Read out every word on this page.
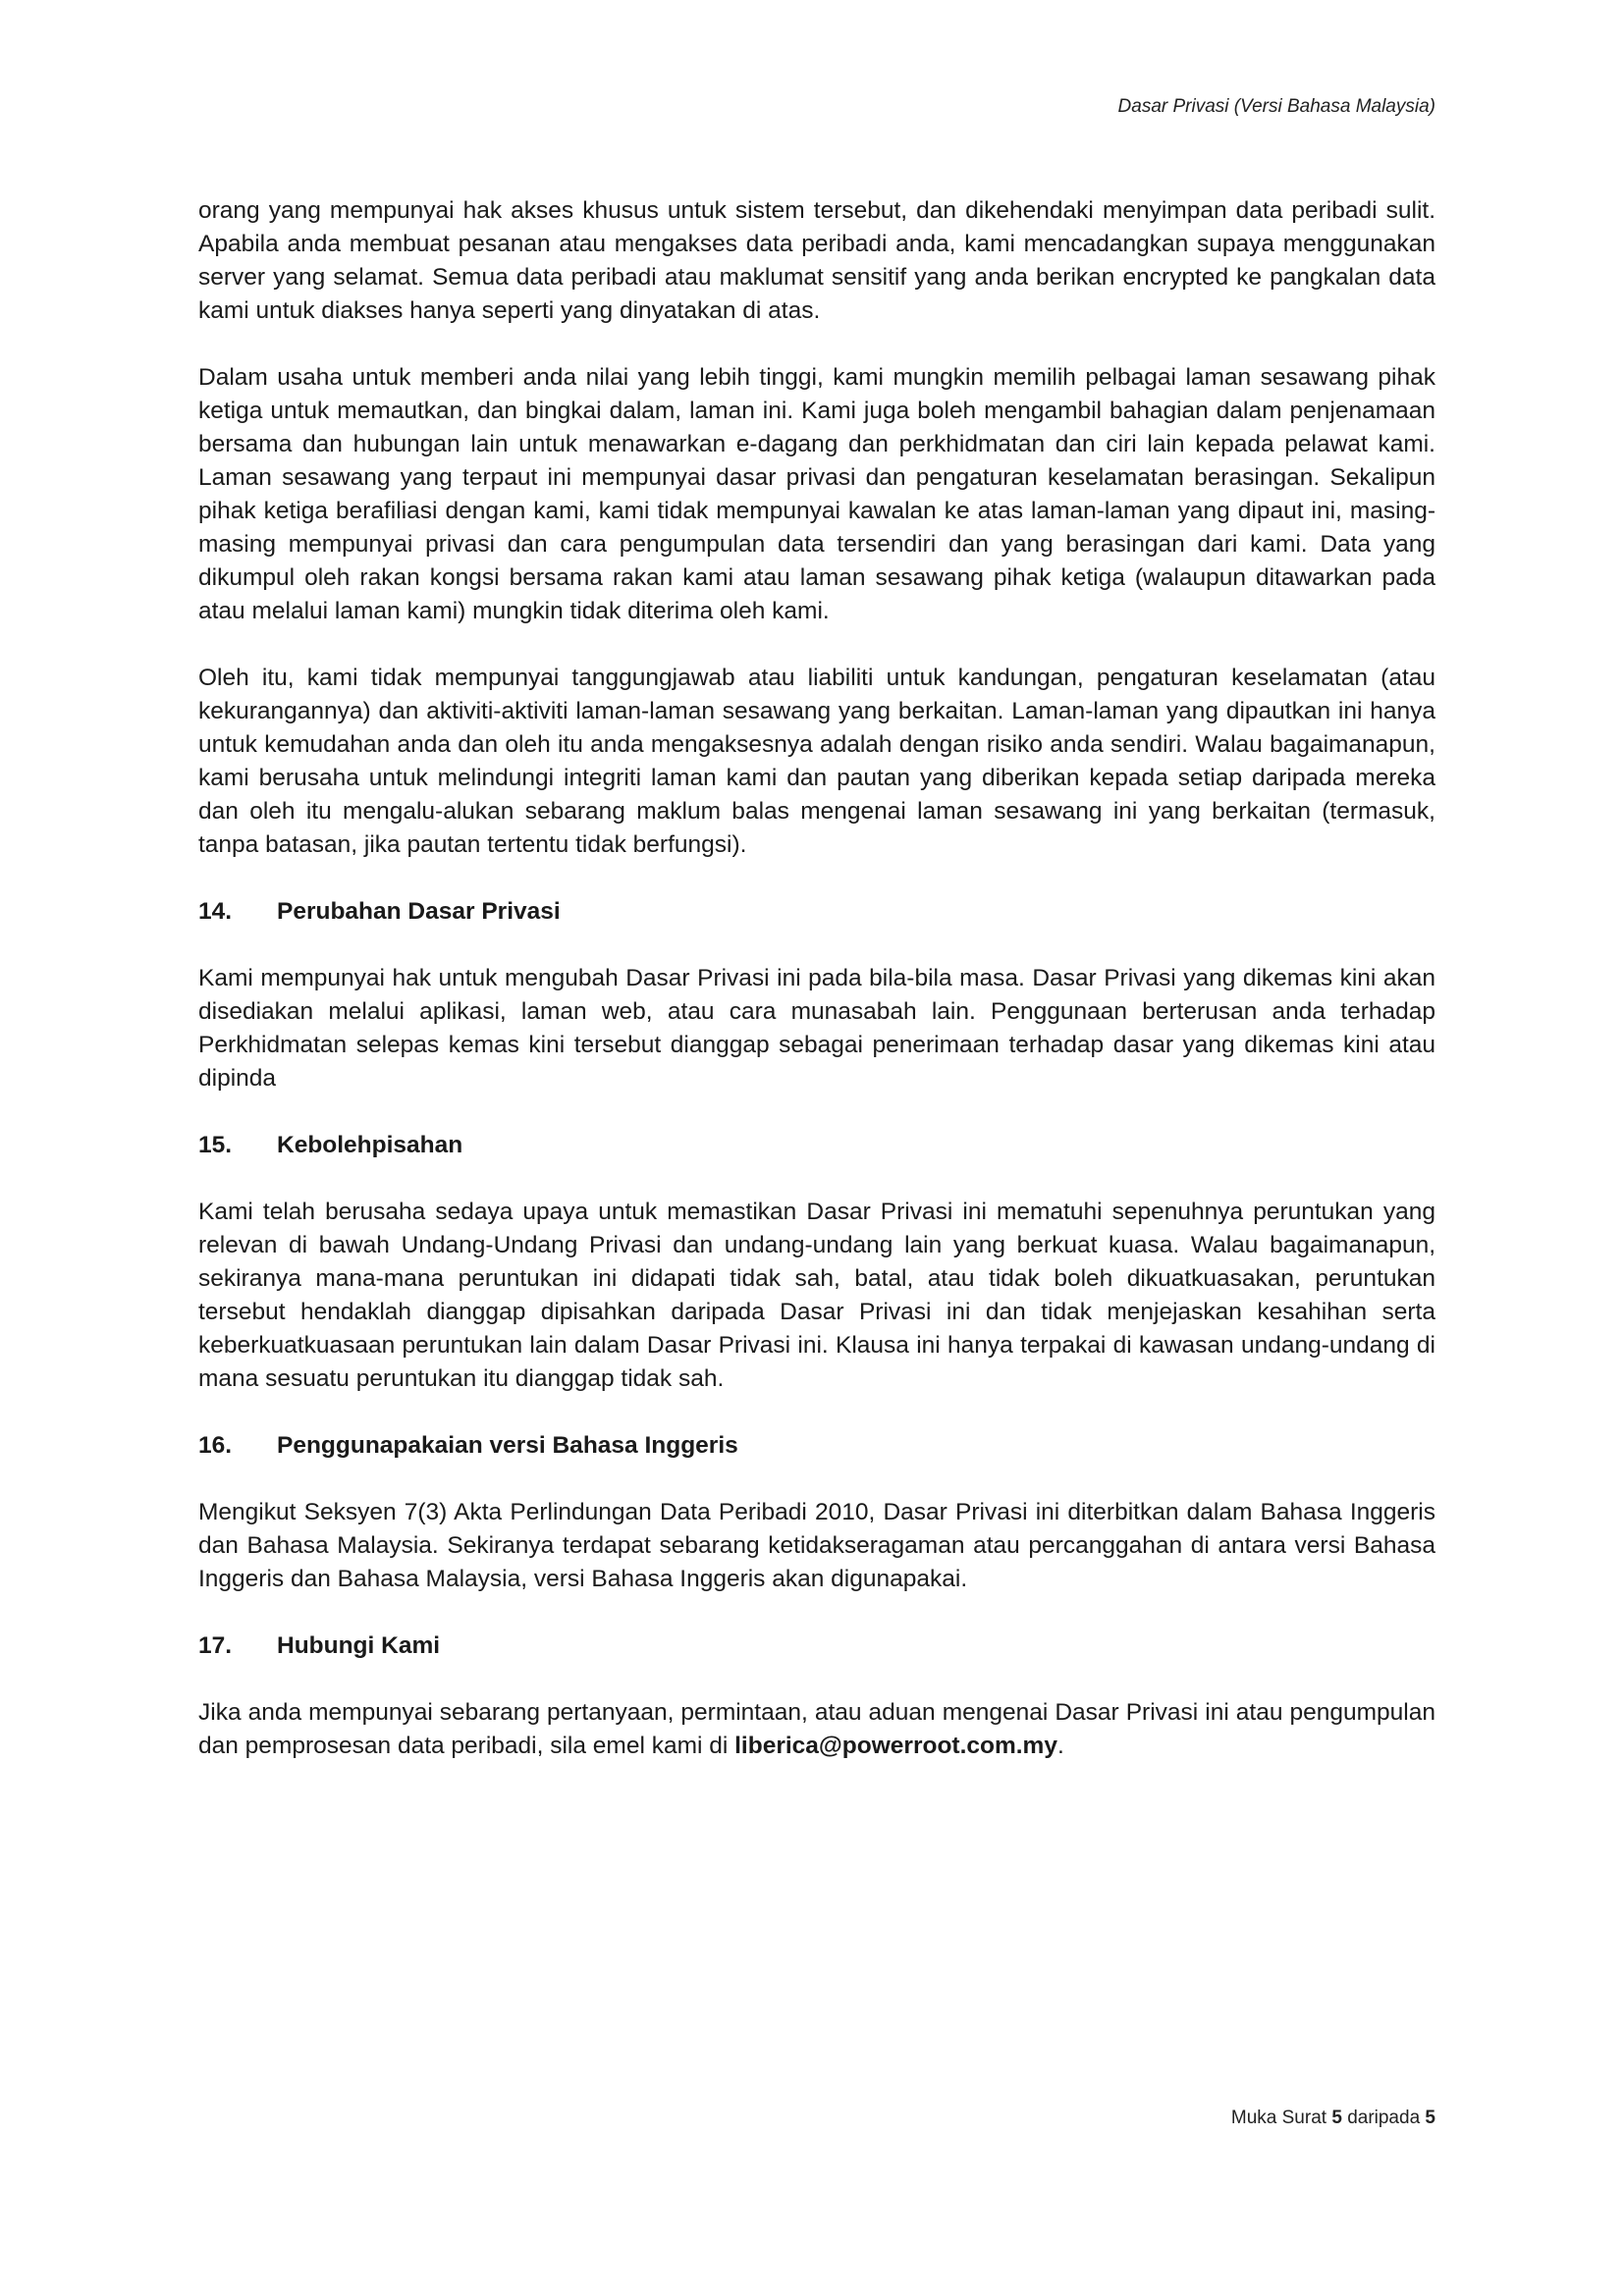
Dasar Privasi (Versi Bahasa Malaysia)

orang yang mempunyai hak akses khusus untuk sistem tersebut, dan dikehendaki menyimpan data peribadi sulit. Apabila anda membuat pesanan atau mengakses data peribadi anda, kami mencadangkan supaya menggunakan server yang selamat. Semua data peribadi atau maklumat sensitif yang anda berikan encrypted ke pangkalan data kami untuk diakses hanya seperti yang dinyatakan di atas.

Dalam usaha untuk memberi anda nilai yang lebih tinggi, kami mungkin memilih pelbagai laman sesawang pihak ketiga untuk memautkan, dan bingkai dalam, laman ini. Kami juga boleh mengambil bahagian dalam penjenamaan bersama dan hubungan lain untuk menawarkan e-dagang dan perkhidmatan dan ciri lain kepada pelawat kami. Laman sesawang yang terpaut ini mempunyai dasar privasi dan pengaturan keselamatan berasingan. Sekalipun pihak ketiga berafiliasi dengan kami, kami tidak mempunyai kawalan ke atas laman-laman yang dipaut ini, masing-masing mempunyai privasi dan cara pengumpulan data tersendiri dan yang berasingan dari kami. Data yang dikumpul oleh rakan kongsi bersama rakan kami atau laman sesawang pihak ketiga (walaupun ditawarkan pada atau melalui laman kami) mungkin tidak diterima oleh kami.

Oleh itu, kami tidak mempunyai tanggungjawab atau liabiliti untuk kandungan, pengaturan keselamatan (atau kekurangannya) dan aktiviti-aktiviti laman-laman sesawang yang berkaitan. Laman-laman yang dipautkan ini hanya untuk kemudahan anda dan oleh itu anda mengaksesnya adalah dengan risiko anda sendiri. Walau bagaimanapun, kami berusaha untuk melindungi integriti laman kami dan pautan yang diberikan kepada setiap daripada mereka dan oleh itu mengalu-alukan sebarang maklum balas mengenai laman sesawang ini yang berkaitan (termasuk, tanpa batasan, jika pautan tertentu tidak berfungsi).

14.	Perubahan Dasar Privasi

Kami mempunyai hak untuk mengubah Dasar Privasi ini pada bila-bila masa. Dasar Privasi yang dikemas kini akan disediakan melalui aplikasi, laman web, atau cara munasabah lain. Penggunaan berterusan anda terhadap Perkhidmatan selepas kemas kini tersebut dianggap sebagai penerimaan terhadap dasar yang dikemas kini atau dipinda

15.	Kebolehpisahan

Kami telah berusaha sedaya upaya untuk memastikan Dasar Privasi ini mematuhi sepenuhnya peruntukan yang relevan di bawah Undang-Undang Privasi dan undang-undang lain yang berkuat kuasa. Walau bagaimanapun, sekiranya mana-mana peruntukan ini didapati tidak sah, batal, atau tidak boleh dikuatkuasakan, peruntukan tersebut hendaklah dianggap dipisahkan daripada Dasar Privasi ini dan tidak menjejaskan kesahihan serta keberkuatkuasaan peruntukan lain dalam Dasar Privasi ini. Klausa ini hanya terpakai di kawasan undang-undang di mana sesuatu peruntukan itu dianggap tidak sah.

16.	Penggunapakaian versi Bahasa Inggeris

Mengikut Seksyen 7(3) Akta Perlindungan Data Peribadi 2010, Dasar Privasi ini diterbitkan dalam Bahasa Inggeris dan Bahasa Malaysia. Sekiranya terdapat sebarang ketidakseragaman atau percanggahan di antara versi Bahasa Inggeris dan Bahasa Malaysia, versi Bahasa Inggeris akan digunapakai.

17.	Hubungi Kami

Jika anda mempunyai sebarang pertanyaan, permintaan, atau aduan mengenai Dasar Privasi ini atau pengumpulan dan pemprosesan data peribadi, sila emel kami di liberica@powerroot.com.my.

Muka Surat 5 daripada 5
